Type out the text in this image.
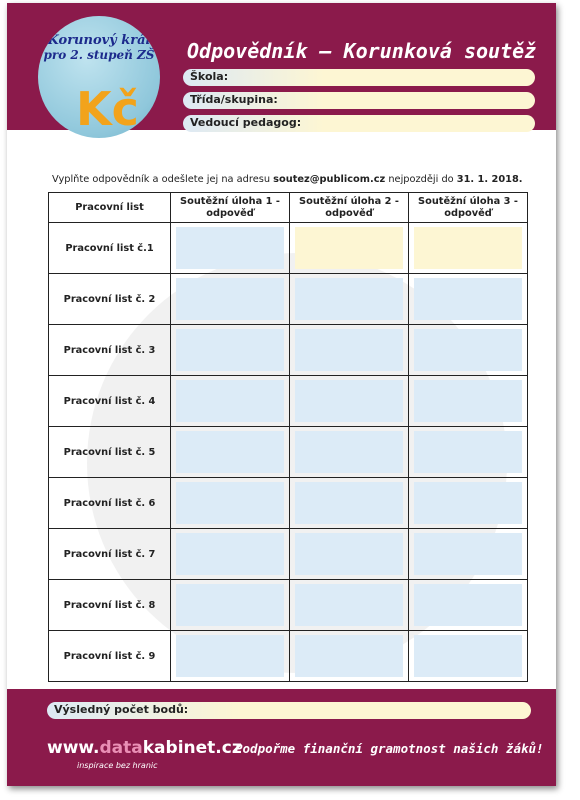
Korunový král
pro 2. stupeň ZŠ
Kč
Odpovědník – Korunková soutěž
Škola:
Třída/skupina:
Vedoucí pedagog:
Vyplňte odpovědník a odešlete jej na adresu soutez@publicom.cz nejpozději do 31. 1. 2018.
Pracovní list	Soutěžní úloha 1 - odpověď	Soutěžní úloha 2 - odpověď	Soutěžní úloha 3 - odpověď
Pracovní list č.1	

Pracovní list č. 2	

Pracovní list č. 3	

Pracovní list č. 4	

Pracovní list č. 5	

Pracovní list č. 6	

Pracovní list č. 7	

Pracovní list č. 8	

Pracovní list č. 9	

Výsledný počet bodů:
www.datakabinet.cz
inspirace bez hranic
Podpořme finanční gramotnost našich žáků!
